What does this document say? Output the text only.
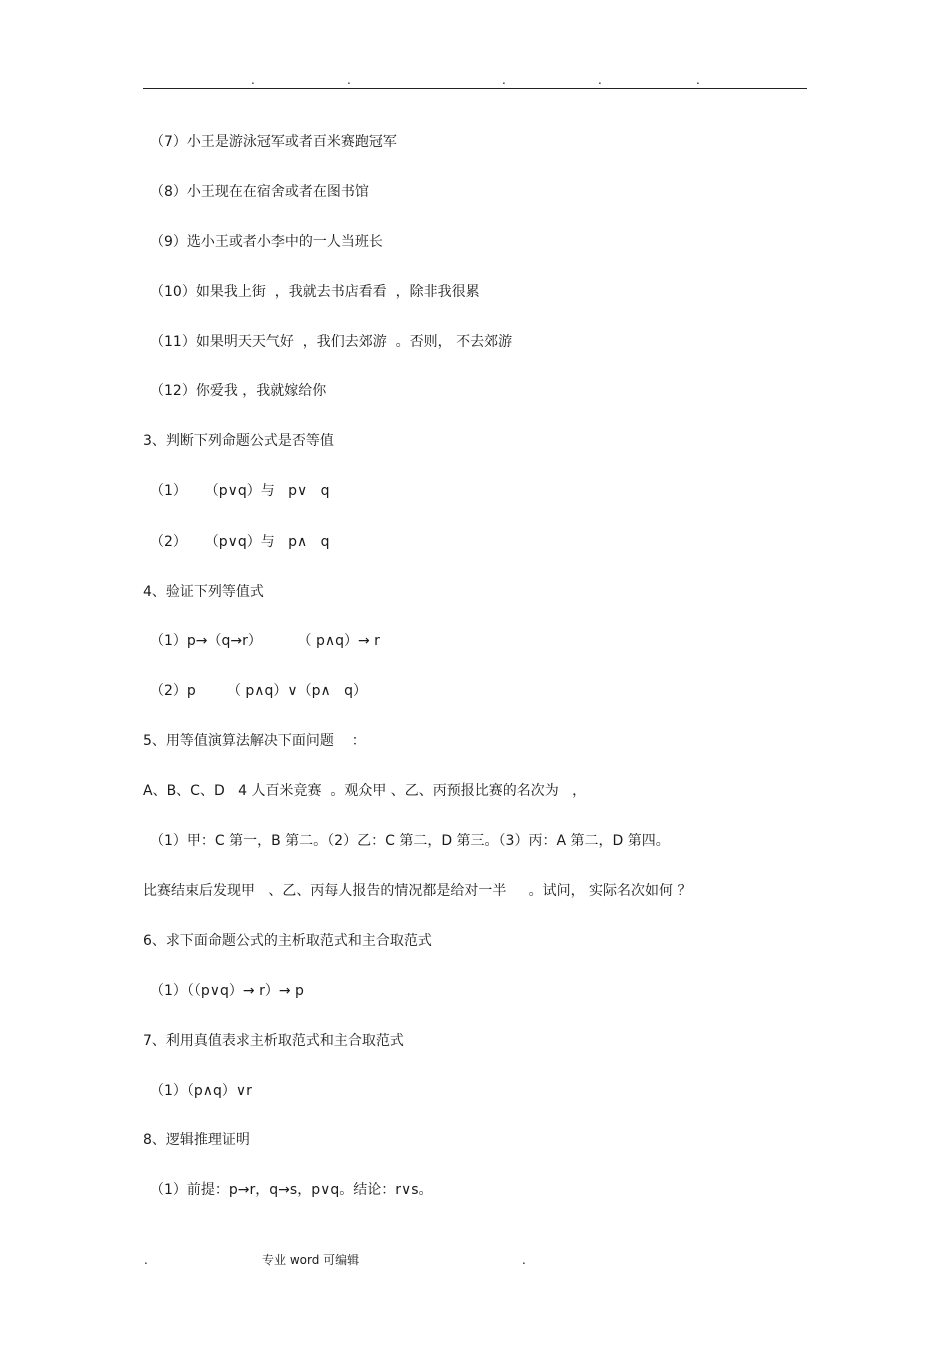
.	.	.	.	.
（7）小王是游泳冠军或者百米赛跑冠军
（8）小王现在在宿舍或者在图书馆
（9）选小王或者小李中的一人当班长
（10）如果我上街  ，我就去书店看看  ，除非我很累
（11）如果明天天气好  ，我们去郊游  。否则， 不去郊游
（12）你爱我 ，我就嫁给你
3、判断下列命题公式是否等值
（1）    （p∨q）与   p∨   q
（2）    （p∨q）与   p∧   q
4、验证下列等值式
（1）p→（q→r）        （ p∧q）→ r
（2）p       （ p∧q）∨（p∧   q）
5、用等值演算法解决下面问题    ：
A、B、C、D   4 人百米竞赛  。观众甲 、乙、丙预报比赛的名次为   ，
（1）甲：C 第一，B 第二。（2）乙：C 第二，D 第三。（3）丙：A 第二，D 第四。
比赛结束后发现甲   、乙、丙每人报告的情况都是给对一半     。试问， 实际名次如何 ？
6、求下面命题公式的主析取范式和主合取范式
（1）（（p∨q）→ r）→ p
7、利用真值表求主析取范式和主合取范式
（1）（p∧q）∨r
8、逻辑推理证明
（1）前提：p→r，q→s，p∨q。结论：r∨s。
.	专业 word 可编辑	.
